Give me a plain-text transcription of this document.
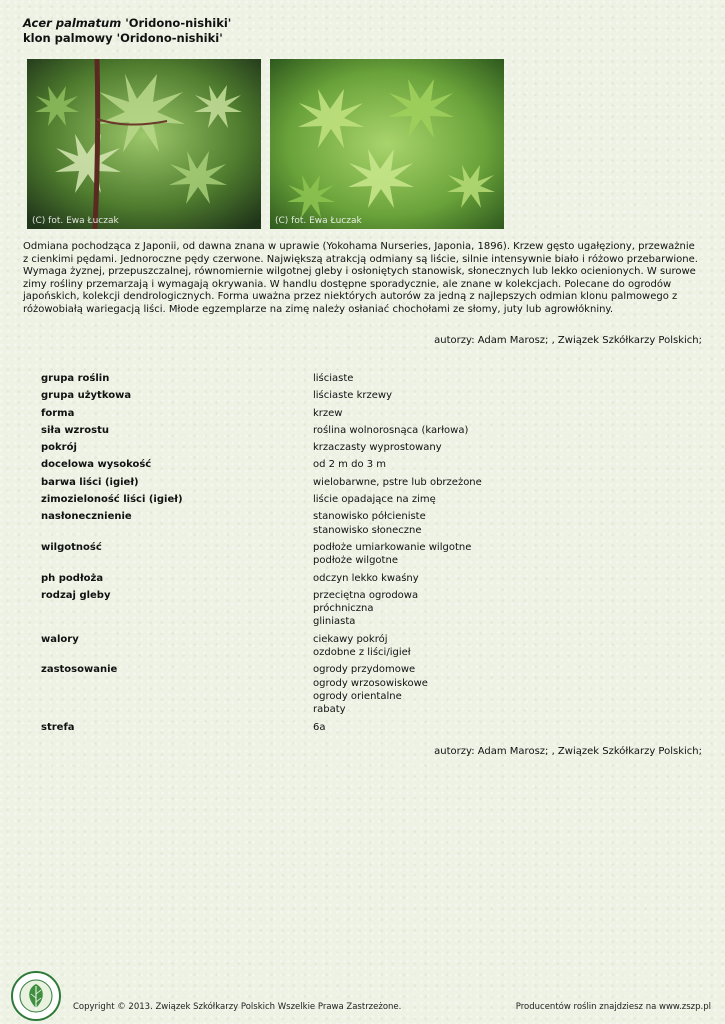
Acer palmatum 'Oridono-nishiki'
klon palmowy 'Oridono-nishiki'
(C) fot. Ewa Łuczak	(C) fot. Ewa Łuczak
Odmiana pochodząca z Japonii, od dawna znana w uprawie (Yokohama Nurseries, Japonia, 1896). Krzew gęsto ugałęziony, przeważnie z cienkimi pędami. Jednoroczne pędy czerwone. Największą atrakcją odmiany są liście, silnie intensywnie biało i różowo przebarwione. Wymaga żyznej, przepuszczalnej, równomiernie wilgotnej gleby i osłoniętych stanowisk, słonecznych lub lekko ocienionych. W surowe zimy rośliny przemarzają i wymagają okrywania. W handlu dostępne sporadycznie, ale znane w kolekcjach. Polecane do ogrodów japońskich, kolekcji dendrologicznych. Forma uważna przez niektórych autorów za jedną z najlepszych odmian klonu palmowego z różowobiałą wariegacją liści. Młode egzemplarze na zimę należy osłaniać chochołami ze słomy, juty lub agrowłókniny.
autorzy: Adam Marosz; , Związek Szkółkarzy Polskich;
grupa roślin	liściaste
grupa użytkowa	liściaste krzewy
forma	krzew
siła wzrostu	roślina wolnorosnąca (karłowa)
pokrój	krzaczasty wyprostowany
docelowa wysokość	od 2 m do 3 m
barwa liści (igieł)	wielobarwne, pstre lub obrzeżone
zimozieloność liści (igieł)	liście opadające na zimę
nasłonecznienie	stanowisko półcieniste
stanowisko słoneczne
wilgotność	podłoże umiarkowanie wilgotne
podłoże wilgotne
ph podłoża	odczyn lekko kwaśny
rodzaj gleby	przeciętna ogrodowa
próchniczna
gliniasta
walory	ciekawy pokrój
ozdobne z liści/igieł
zastosowanie	ogrody przydomowe
ogrody wrzosowiskowe
ogrody orientalne
rabaty
strefa	6a
autorzy: Adam Marosz; , Związek Szkółkarzy Polskich;
Copyright © 2013. Związek Szkółkarzy Polskich Wszelkie Prawa Zastrzeżone.	Producentów roślin znajdziesz na www.zszp.pl
